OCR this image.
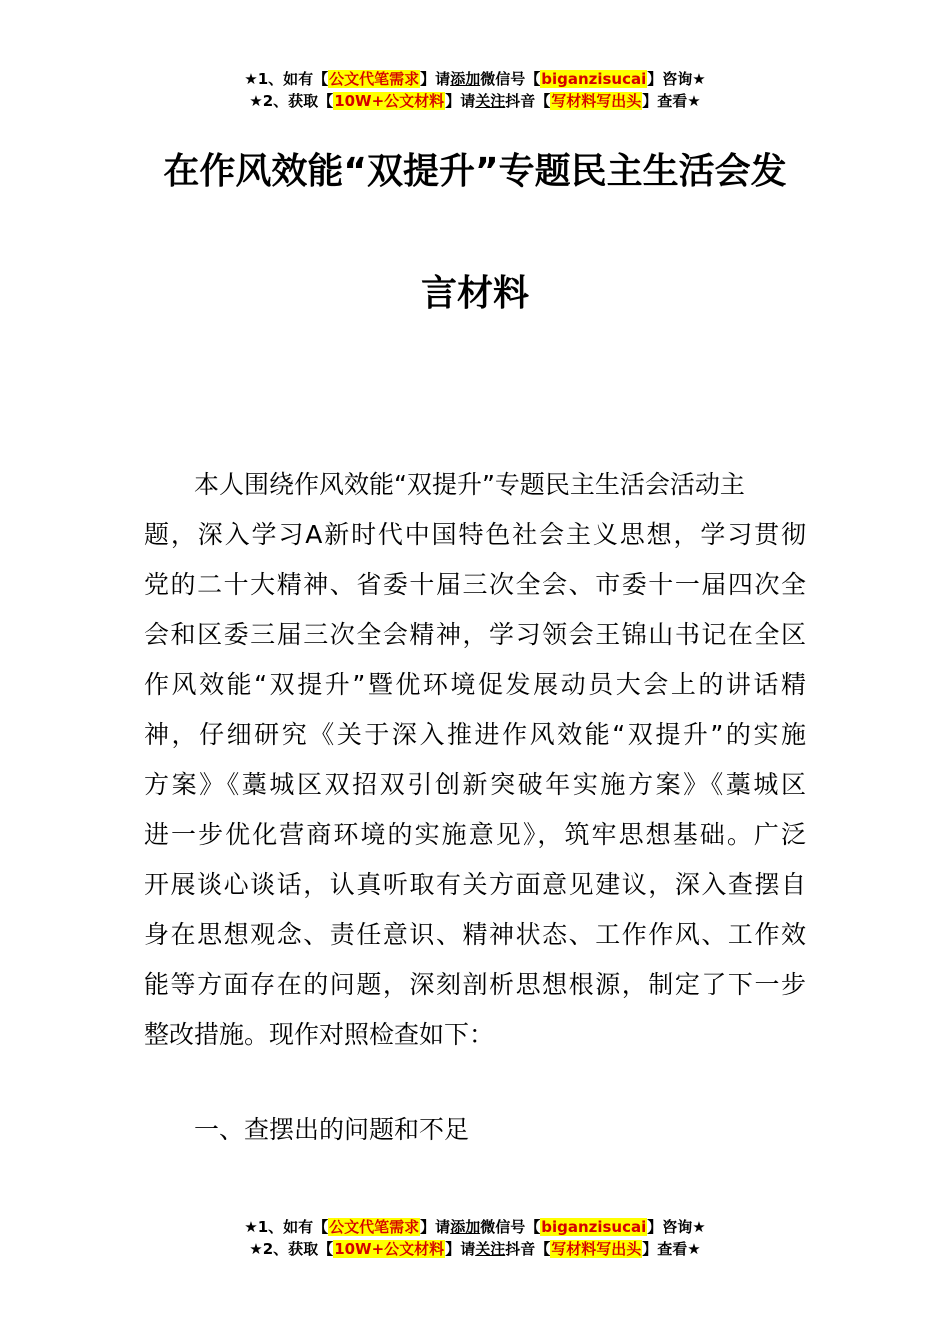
★1、如有【公文代笔需求】请添加微信号【biganzisucai】咨询★
★2、获取【10W+公文材料】请关注抖音【写材料写出头】查看★
在作风效能“双提升”专题民主生活会发
言材料
本人围绕作风效能“双提升”专题民主生活会活动主
题，深入学习A新时代中国特色社会主义思想，学习贯彻
党的二十大精神、省委十届三次全会、市委十一届四次全
会和区委三届三次全会精神，学习领会王锦山书记在全区
作风效能“双提升”暨优环境促发展动员大会上的讲话精
神，仔细研究《关于深入推进作风效能“双提升”的实施
方案》《藁城区双招双引创新突破年实施方案》《藁城区
进一步优化营商环境的实施意见》，筑牢思想基础。广泛
开展谈心谈话，认真听取有关方面意见建议，深入查摆自
身在思想观念、责任意识、精神状态、工作作风、工作效
能等方面存在的问题，深刻剖析思想根源，制定了下一步
整改措施。现作对照检查如下：
一、查摆出的问题和不足
★1、如有【公文代笔需求】请添加微信号【biganzisucai】咨询★
★2、获取【10W+公文材料】请关注抖音【写材料写出头】查看★
